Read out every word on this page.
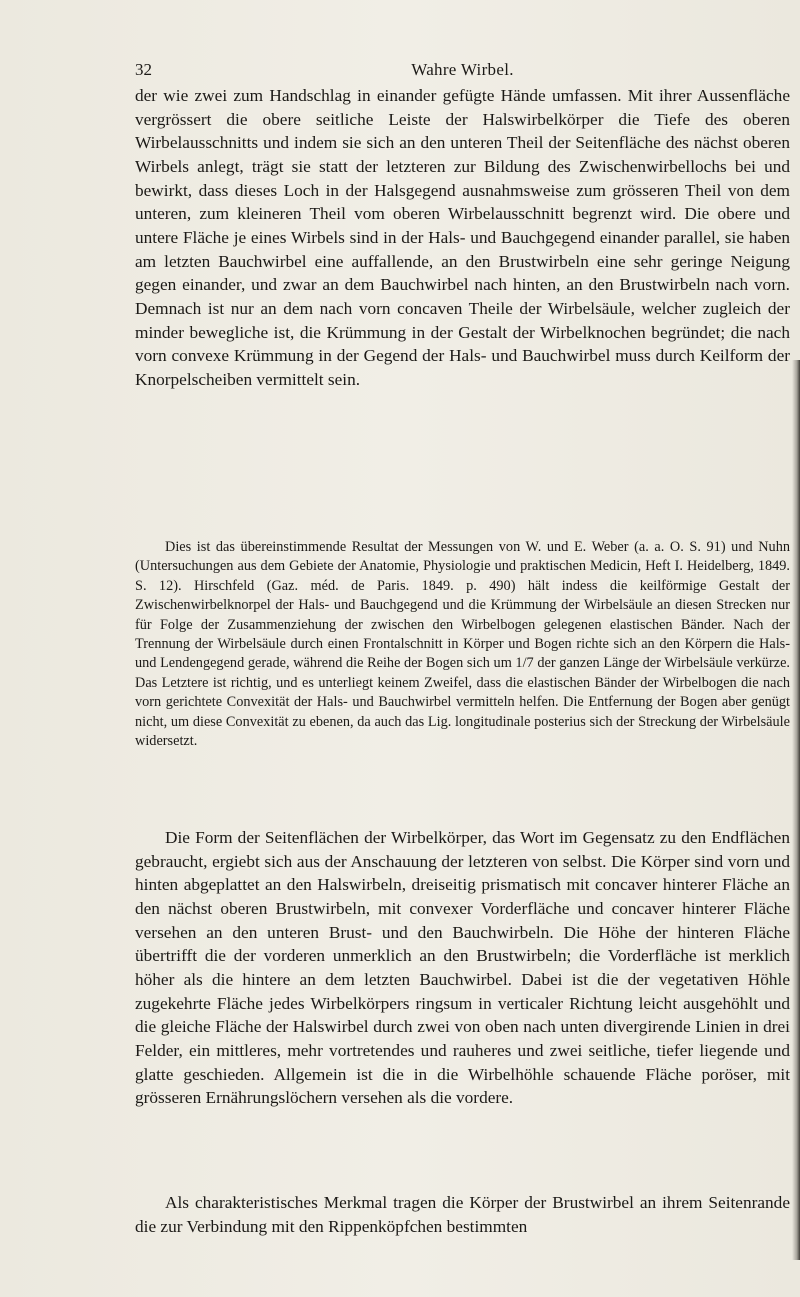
32	Wahre Wirbel.

der wie zwei zum Handschlag in einander gefügte Hände umfassen. Mit ihrer Aussenfläche vergrössert die obere seitliche Leiste der Halswirbelkörper die Tiefe des oberen Wirbelausschnitts und indem sie sich an den unteren Theil der Seitenfläche des nächst oberen Wirbels anlegt, trägt sie statt der letzteren zur Bildung des Zwischenwirbellochs bei und bewirkt, dass dieses Loch in der Halsgegend ausnahmsweise zum grösseren Theil von dem unteren, zum kleineren Theil vom oberen Wirbelausschnitt begrenzt wird. Die obere und untere Fläche je eines Wirbels sind in der Hals- und Bauchgegend einander parallel, sie haben am letzten Bauchwirbel eine auffallende, an den Brustwirbeln eine sehr geringe Neigung gegen einander, und zwar an dem Bauchwirbel nach hinten, an den Brustwirbeln nach vorn. Demnach ist nur an dem nach vorn concaven Theile der Wirbelsäule, welcher zugleich der minder bewegliche ist, die Krümmung in der Gestalt der Wirbelknochen begründet; die nach vorn convexe Krümmung in der Gegend der Hals- und Bauchwirbel muss durch Keilform der Knorpelscheiben vermittelt sein.

Dies ist das übereinstimmende Resultat der Messungen von W. und E. Weber (a. a. O. S. 91) und Nuhn (Untersuchungen aus dem Gebiete der Anatomie, Physiologie und praktischen Medicin, Heft I. Heidelberg, 1849. S. 12). Hirschfeld (Gaz. méd. de Paris. 1849. p. 490) hält indess die keilförmige Gestalt der Zwischenwirbelknorpel der Hals- und Bauchgegend und die Krümmung der Wirbelsäule an diesen Strecken nur für Folge der Zusammenziehung der zwischen den Wirbelbogen gelegenen elastischen Bänder. Nach der Trennung der Wirbelsäule durch einen Frontalschnitt in Körper und Bogen richte sich an den Körpern die Hals- und Lendengegend gerade, während die Reihe der Bogen sich um 1/7 der ganzen Länge der Wirbelsäule verkürze. Das Letztere ist richtig, und es unterliegt keinem Zweifel, dass die elastischen Bänder der Wirbelbogen die nach vorn gerichtete Convexität der Hals- und Bauchwirbel vermitteln helfen. Die Entfernung der Bogen aber genügt nicht, um diese Convexität zu ebenen, da auch das Lig. longitudinale posterius sich der Streckung der Wirbelsäule widersetzt.

Die Form der Seitenflächen der Wirbelkörper, das Wort im Gegensatz zu den Endflächen gebraucht, ergiebt sich aus der Anschauung der letzteren von selbst. Die Körper sind vorn und hinten abgeplattet an den Halswirbeln, dreiseitig prismatisch mit concaver hinterer Fläche an den nächst oberen Brustwirbeln, mit convexer Vorderfläche und concaver hinterer Fläche versehen an den unteren Brust- und den Bauchwirbeln. Die Höhe der hinteren Fläche übertrifft die der vorderen unmerklich an den Brustwirbeln; die Vorderfläche ist merklich höher als die hintere an dem letzten Bauchwirbel. Dabei ist die der vegetativen Höhle zugekehrte Fläche jedes Wirbelkörpers ringsum in verticaler Richtung leicht ausgehöhlt und die gleiche Fläche der Halswirbel durch zwei von oben nach unten divergirende Linien in drei Felder, ein mittleres, mehr vortretendes und rauheres und zwei seitliche, tiefer liegende und glatte geschieden. Allgemein ist die in die Wirbelhöhle schauende Fläche poröser, mit grösseren Ernährungslöchern versehen als die vordere.

Als charakteristisches Merkmal tragen die Körper der Brustwirbel an ihrem Seitenrande die zur Verbindung mit den Rippenköpfchen bestimmten
